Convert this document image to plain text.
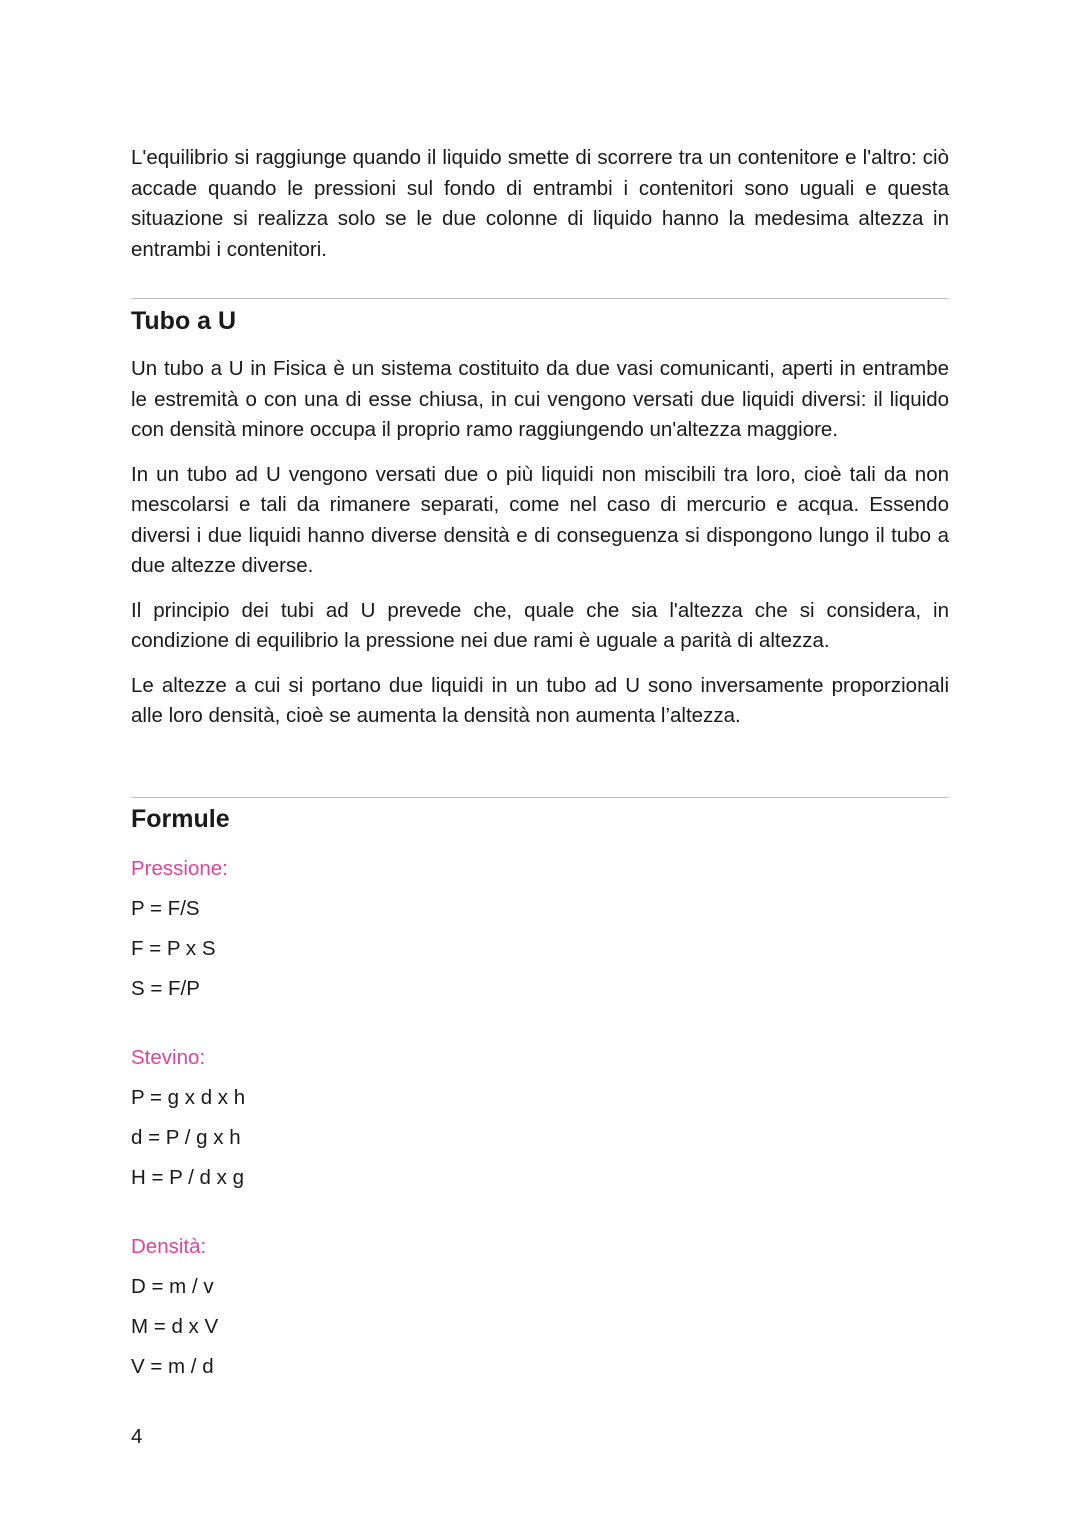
L'equilibrio si raggiunge quando il liquido smette di scorrere tra un contenitore e l'altro: ciò accade quando le pressioni sul fondo di entrambi i contenitori sono uguali e questa situazione si realizza solo se le due colonne di liquido hanno la medesima altezza in entrambi i contenitori.

Tubo a U

Un tubo a U in Fisica è un sistema costituito da due vasi comunicanti, aperti in entrambe le estremità o con una di esse chiusa, in cui vengono versati due liquidi diversi: il liquido con densità minore occupa il proprio ramo raggiungendo un'altezza maggiore.

In un tubo ad U vengono versati due o più liquidi non miscibili tra loro, cioè tali da non mescolarsi e tali da rimanere separati, come nel caso di mercurio e acqua. Essendo diversi i due liquidi hanno diverse densità e di conseguenza si dispongono lungo il tubo a due altezze diverse.

Il principio dei tubi ad U prevede che, quale che sia l'altezza che si considera, in condizione di equilibrio la pressione nei due rami è uguale a parità di altezza.

Le altezze a cui si portano due liquidi in un tubo ad U sono inversamente proporzionali alle loro densità, cioè se aumenta la densità non aumenta l’altezza.

Formule

Pressione:

P = F/S

F = P x S

S = F/P

Stevino:

P = g x d x h

d = P / g x h

H = P / d x g

Densità:

D = m / v

M = d x V

V = m / d

4
